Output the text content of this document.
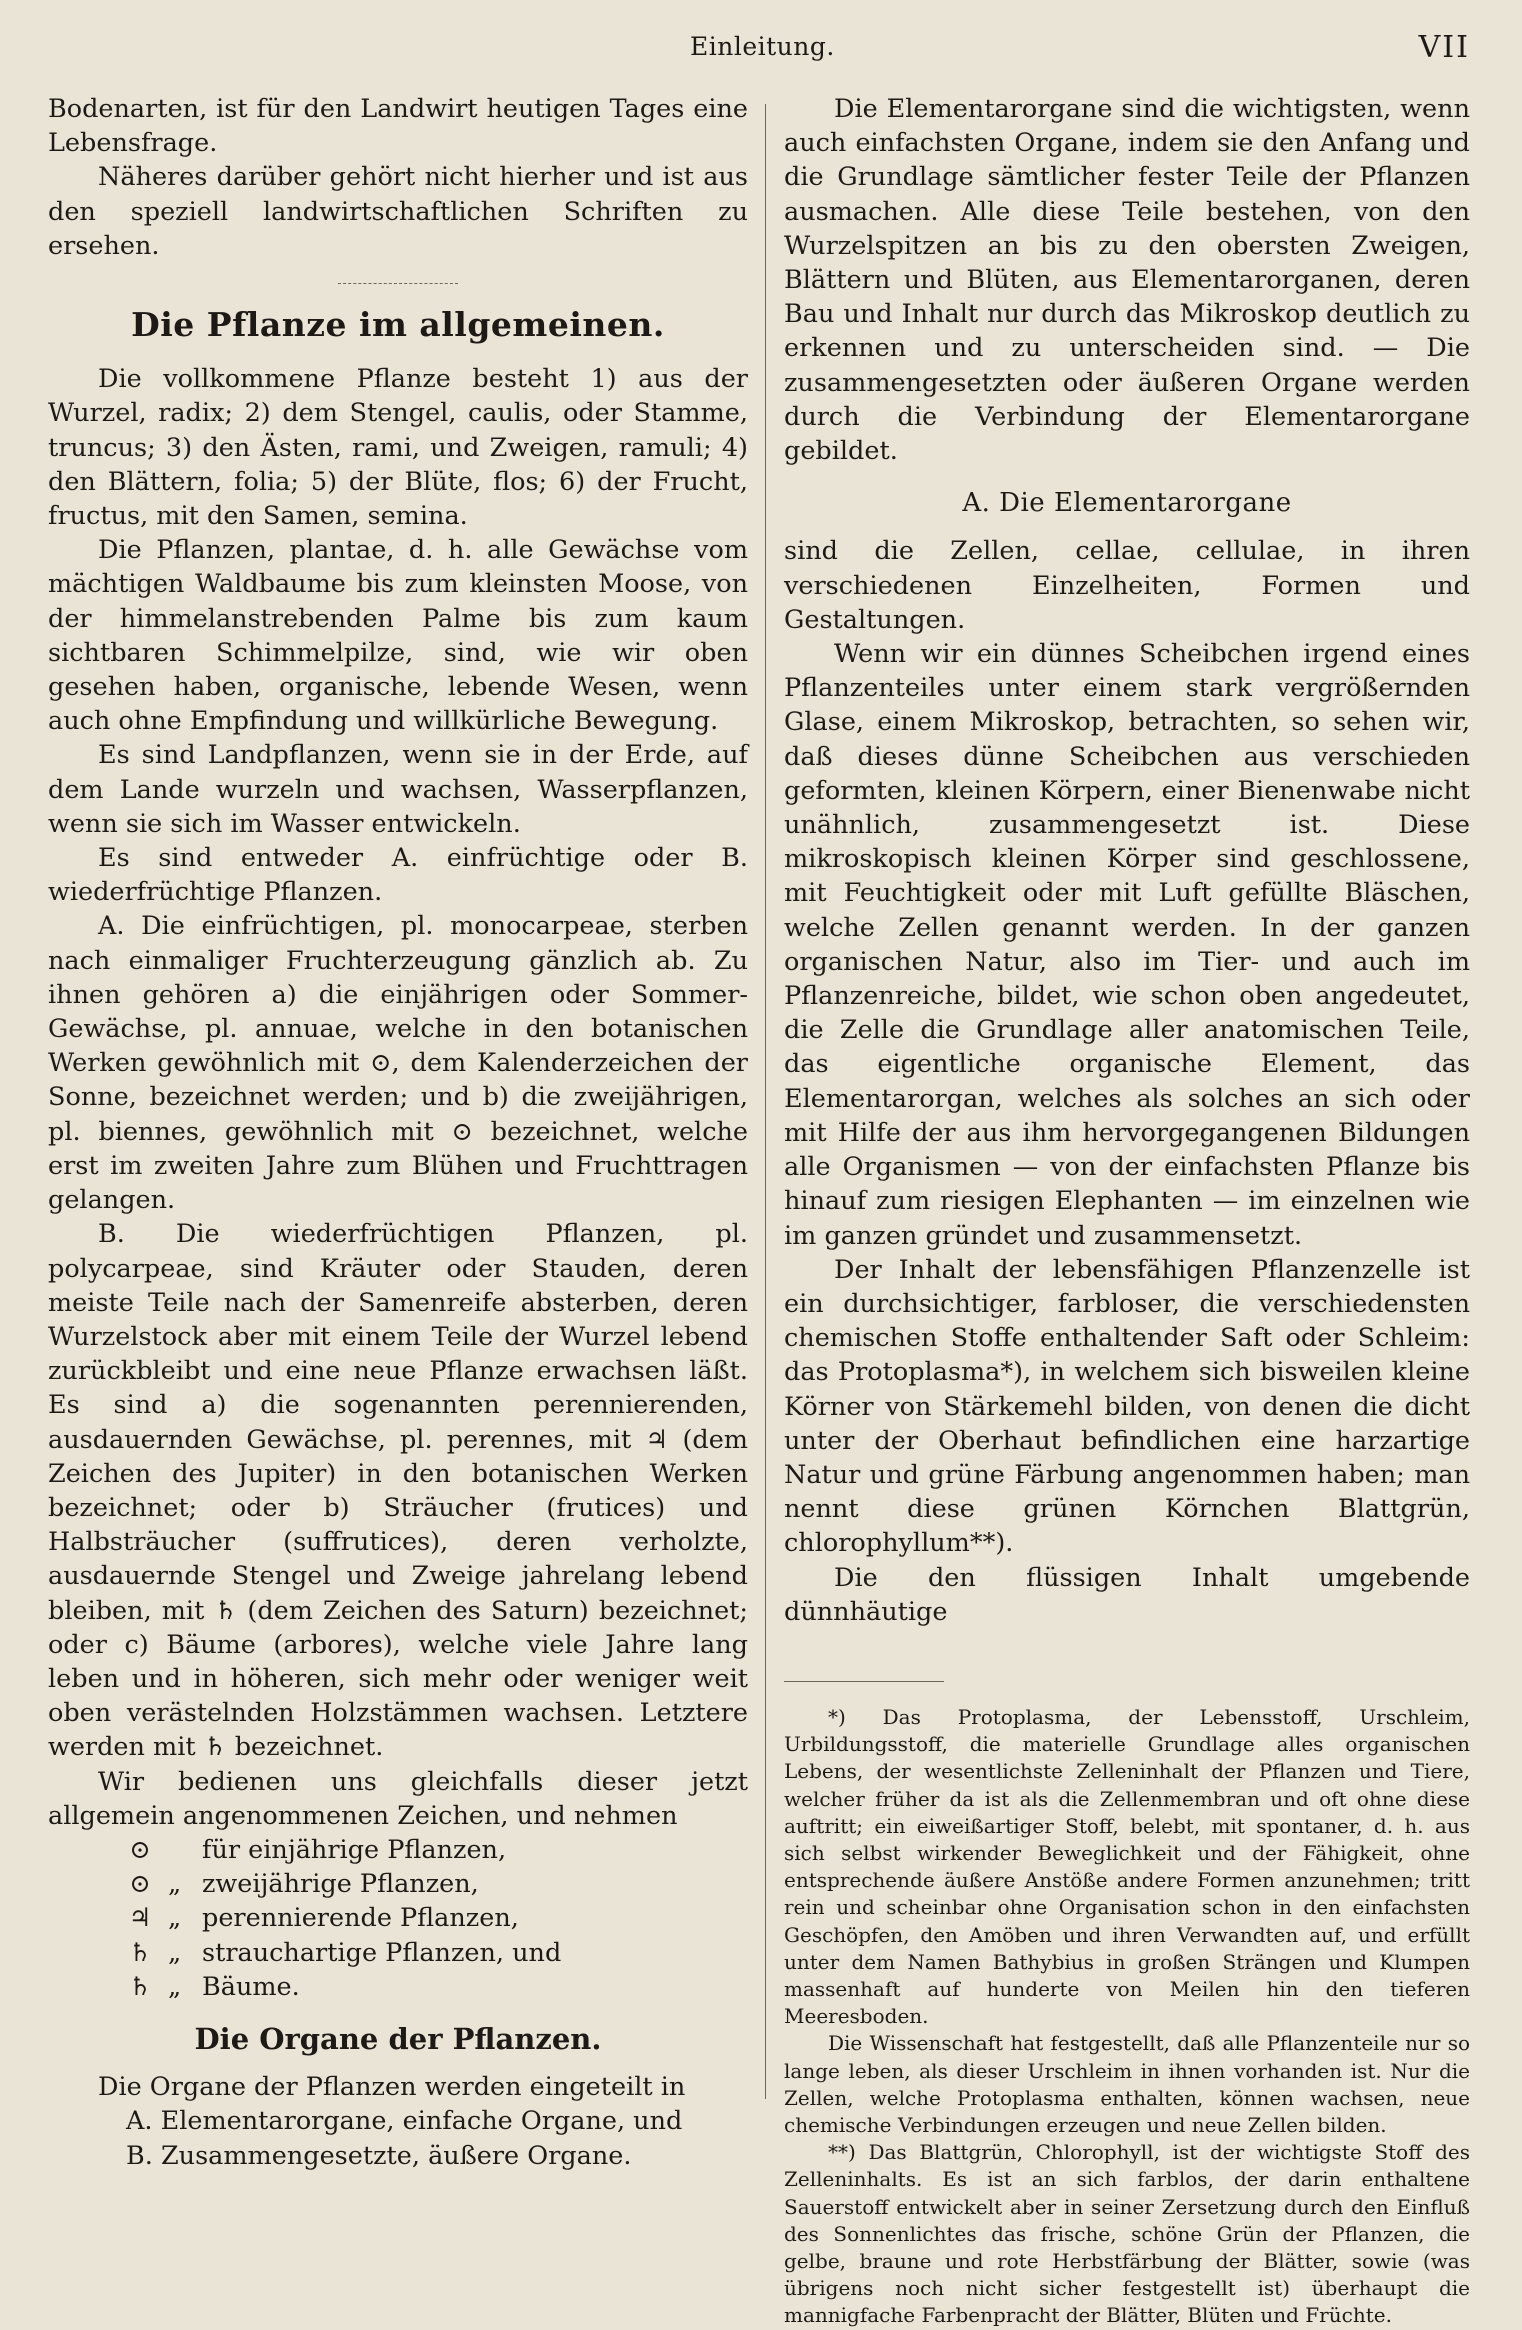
Einleitung.	VII

Bodenarten, ist für den Landwirt heutigen Tages eine Lebensfrage.

Näheres darüber gehört nicht hierher und ist aus den speziell landwirtschaftlichen Schriften zu ersehen.

Die Pflanze im allgemeinen.

Die vollkommene Pflanze besteht 1) aus der Wurzel, radix; 2) dem Stengel, caulis, oder Stamme, truncus; 3) den Ästen, rami, und Zweigen, ramuli; 4) den Blättern, folia; 5) der Blüte, flos; 6) der Frucht, fructus, mit den Samen, semina.

Die Pflanzen, plantae, d. h. alle Gewächse vom mächtigen Waldbaume bis zum kleinsten Moose, von der himmelanstrebenden Palme bis zum kaum sichtbaren Schimmelpilze, sind, wie wir oben gesehen haben, organische, lebende Wesen, wenn auch ohne Empfindung und willkürliche Bewegung.

Es sind Landpflanzen, wenn sie in der Erde, auf dem Lande wurzeln und wachsen, Wasserpflanzen, wenn sie sich im Wasser entwickeln.

Es sind entweder A. einfrüchtige oder B. wiederfrüchtige Pflanzen.

A. Die einfrüchtigen, pl. monocarpeae, sterben nach einmaliger Fruchterzeugung gänzlich ab. Zu ihnen gehören a) die einjährigen oder Sommer-Gewächse, pl. annuae, welche in den botanischen Werken gewöhnlich mit ⊙, dem Kalenderzeichen der Sonne, bezeichnet werden; und b) die zweijährigen, pl. biennes, gewöhnlich mit ⊙ bezeichnet, welche erst im zweiten Jahre zum Blühen und Fruchttragen gelangen.

B. Die wiederfrüchtigen Pflanzen, pl. polycarpeae, sind Kräuter oder Stauden, deren meiste Teile nach der Samenreife absterben, deren Wurzelstock aber mit einem Teile der Wurzel lebend zurückbleibt und eine neue Pflanze erwachsen läßt. Es sind a) die sogenannten perennierenden, ausdauernden Gewächse, pl. perennes, mit ♃ (dem Zeichen des Jupiter) in den botanischen Werken bezeichnet; oder b) Sträucher (frutices) und Halbsträucher (suffrutices), deren verholzte, ausdauernde Stengel und Zweige jahrelang lebend bleiben, mit ♄ (dem Zeichen des Saturn) bezeichnet; oder c) Bäume (arbores), welche viele Jahre lang leben und in höheren, sich mehr oder weniger weit oben verästelnden Holzstämmen wachsen. Letztere werden mit ♄ bezeichnet.

Wir bedienen uns gleichfalls dieser jetzt allgemein angenommenen Zeichen, und nehmen

⊙ für einjährige Pflanzen,
⊙ „ zweijährige Pflanzen,
♃ „ perennierende Pflanzen,
♄ „ strauchartige Pflanzen, und
♄ „ Bäume.
Die Organe der Pflanzen.

Die Organe der Pflanzen werden eingeteilt in

A. Elementarorgane, einfache Organe, und

B. Zusammengesetzte, äußere Organe.

Die Elementarorgane sind die wichtigsten, wenn auch einfachsten Organe, indem sie den Anfang und die Grundlage sämtlicher fester Teile der Pflanzen ausmachen. Alle diese Teile bestehen, von den Wurzelspitzen an bis zu den obersten Zweigen, Blättern und Blüten, aus Elementarorganen, deren Bau und Inhalt nur durch das Mikroskop deutlich zu erkennen und zu unterscheiden sind. — Die zusammengesetzten oder äußeren Organe werden durch die Verbindung der Elementarorgane gebildet.

A. Die Elementarorgane

sind die Zellen, cellae, cellulae, in ihren verschiedenen Einzelheiten, Formen und Gestaltungen.

Wenn wir ein dünnes Scheibchen irgend eines Pflanzenteiles unter einem stark vergrößernden Glase, einem Mikroskop, betrachten, so sehen wir, daß dieses dünne Scheibchen aus verschieden geformten, kleinen Körpern, einer Bienenwabe nicht unähnlich, zusammengesetzt ist. Diese mikroskopisch kleinen Körper sind geschlossene, mit Feuchtigkeit oder mit Luft gefüllte Bläschen, welche Zellen genannt werden. In der ganzen organischen Natur, also im Tier- und auch im Pflanzenreiche, bildet, wie schon oben angedeutet, die Zelle die Grundlage aller anatomischen Teile, das eigentliche organische Element, das Elementarorgan, welches als solches an sich oder mit Hilfe der aus ihm hervorgegangenen Bildungen alle Organismen — von der einfachsten Pflanze bis hinauf zum riesigen Elephanten — im einzelnen wie im ganzen gründet und zusammensetzt.

Der Inhalt der lebensfähigen Pflanzenzelle ist ein durchsichtiger, farbloser, die verschiedensten chemischen Stoffe enthaltender Saft oder Schleim: das Protoplasma*), in welchem sich bisweilen kleine Körner von Stärkemehl bilden, von denen die dicht unter der Oberhaut befindlichen eine harzartige Natur und grüne Färbung angenommen haben; man nennt diese grünen Körnchen Blattgrün, chlorophyllum**).

Die den flüssigen Inhalt umgebende dünnhäutige

*) Das Protoplasma, der Lebensstoff, Urschleim, Urbildungsstoff, die materielle Grundlage alles organischen Lebens, der wesentlichste Zelleninhalt der Pflanzen und Tiere, welcher früher da ist als die Zellenmembran und oft ohne diese auftritt; ein eiweißartiger Stoff, belebt, mit spontaner, d. h. aus sich selbst wirkender Beweglichkeit und der Fähigkeit, ohne entsprechende äußere Anstöße andere Formen anzunehmen; tritt rein und scheinbar ohne Organisation schon in den einfachsten Geschöpfen, den Amöben und ihren Verwandten auf, und erfüllt unter dem Namen Bathybius in großen Strängen und Klumpen massenhaft auf hunderte von Meilen hin den tieferen Meeresboden.

Die Wissenschaft hat festgestellt, daß alle Pflanzenteile nur so lange leben, als dieser Urschleim in ihnen vorhanden ist. Nur die Zellen, welche Protoplasma enthalten, können wachsen, neue chemische Verbindungen erzeugen und neue Zellen bilden.

**) Das Blattgrün, Chlorophyll, ist der wichtigste Stoff des Zelleninhalts. Es ist an sich farblos, der darin enthaltene Sauerstoff entwickelt aber in seiner Zersetzung durch den Einfluß des Sonnenlichtes das frische, schöne Grün der Pflanzen, die gelbe, braune und rote Herbstfärbung der Blätter, sowie (was übrigens noch nicht sicher festgestellt ist) überhaupt die mannigfache Farbenpracht der Blätter, Blüten und Früchte.
